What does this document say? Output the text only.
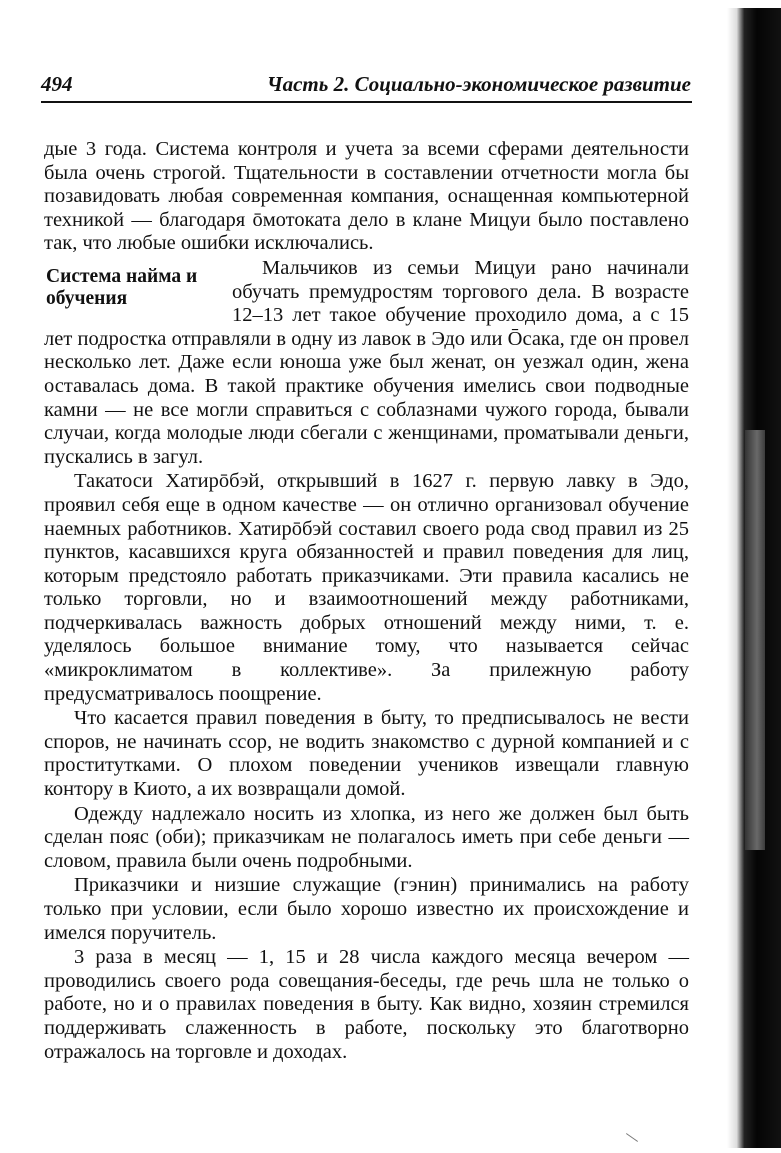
494	Часть 2. Социально-экономическое развитие

дые 3 года. Система контроля и учета за всеми сферами деятельности была очень строгой. Тщательности в составлении отчетности могла бы позавидовать любая современная компания, оснащенная компьютерной техникой — благодаря ōмотоката дело в клане Мицуи было поставлено так, что любые ошибки исключались.

Система найма и обучения

Мальчиков из семьи Мицуи рано начинали обучать премудростям торгового дела. В возрасте 12–13 лет такое обучение проходило дома, а с 15 лет подростка отправляли в одну из лавок в Эдо или Ōсака, где он провел несколько лет. Даже если юноша уже был женат, он уезжал один, жена оставалась дома. В такой практике обучения имелись свои подводные камни — не все могли справиться с соблазнами чужого города, бывали случаи, когда молодые люди сбегали с женщинами, проматывали деньги, пускались в загул.

Такатоси Хатирōбэй, открывший в 1627 г. первую лавку в Эдо, проявил себя еще в одном качестве — он отлично организовал обучение наемных работников. Хатирōбэй составил своего рода свод правил из 25 пунктов, касавшихся круга обязанностей и правил поведения для лиц, которым предстояло работать приказчиками. Эти правила касались не только торговли, но и взаимоотношений между работниками, подчеркивалась важность добрых отношений между ними, т. е. уделялось большое внимание тому, что называется сейчас «микроклиматом в коллективе». За прилежную работу предусматривалось поощрение.

Что касается правил поведения в быту, то предписывалось не вести споров, не начинать ссор, не водить знакомство с дурной компанией и с проститутками. О плохом поведении учеников извещали главную контору в Киото, а их возвращали домой.

Одежду надлежало носить из хлопка, из него же должен был быть сделан пояс (оби); приказчикам не полагалось иметь при себе деньги — словом, правила были очень подробными.

Приказчики и низшие служащие (гэнин) принимались на работу только при условии, если было хорошо известно их происхождение и имелся поручитель.

3 раза в месяц — 1, 15 и 28 числа каждого месяца вечером — проводились своего рода совещания-беседы, где речь шла не только о работе, но и о правилах поведения в быту. Как видно, хозяин стремился поддерживать слаженность в работе, поскольку это благотворно отражалось на торговле и доходах.
